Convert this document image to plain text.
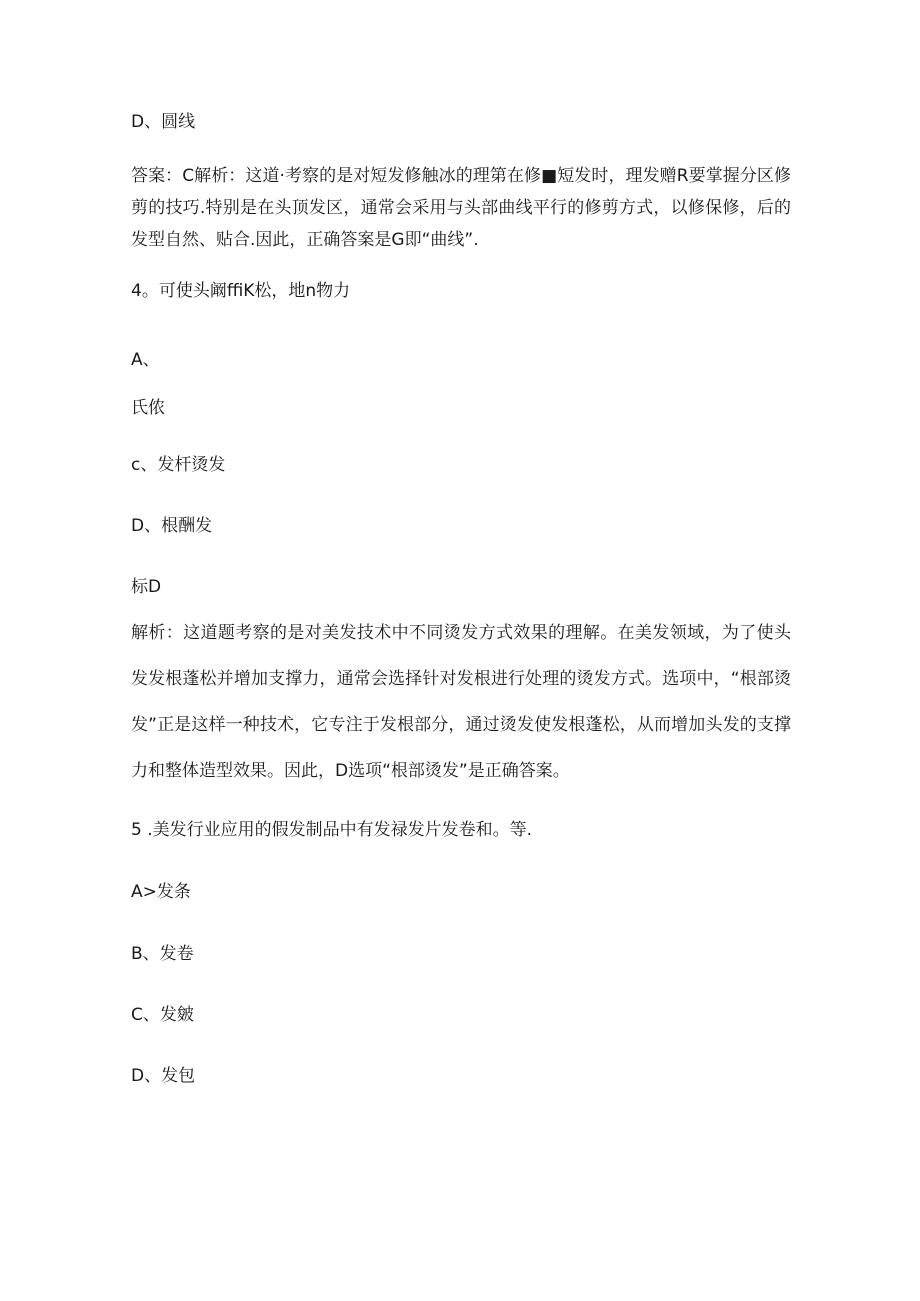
D、圆线
答案：C解析：这道·考察的是对短发修触冰的理第在修■短发时，理发赠R要掌握分区修剪的技巧.特别是在头顶发区，通常会采用与头部曲线平行的修剪方式，以修保修，后的发型自然、贴合.因此，正确答案是G即“曲线”.
4。可使头阚ffiK松，地n物力
A、
氏侬
c、发杆烫发
D、根酬发
标D
解析：这道题考察的是对美发技术中不同烫发方式效果的理解。在美发领域，为了使头发发根蓬松并增加支撑力，通常会选择针对发根进行处理的烫发方式。选项中，“根部烫发”正是这样一种技术，它专注于发根部分，通过烫发使发根蓬松，从而增加头发的支撑力和整体造型效果。因此，D选项“根部烫发”是正确答案。
5 .美发行业应用的假发制品中有发禄发片发卷和。等.
A>发条
B、发卷
C、发皴
D、发包
